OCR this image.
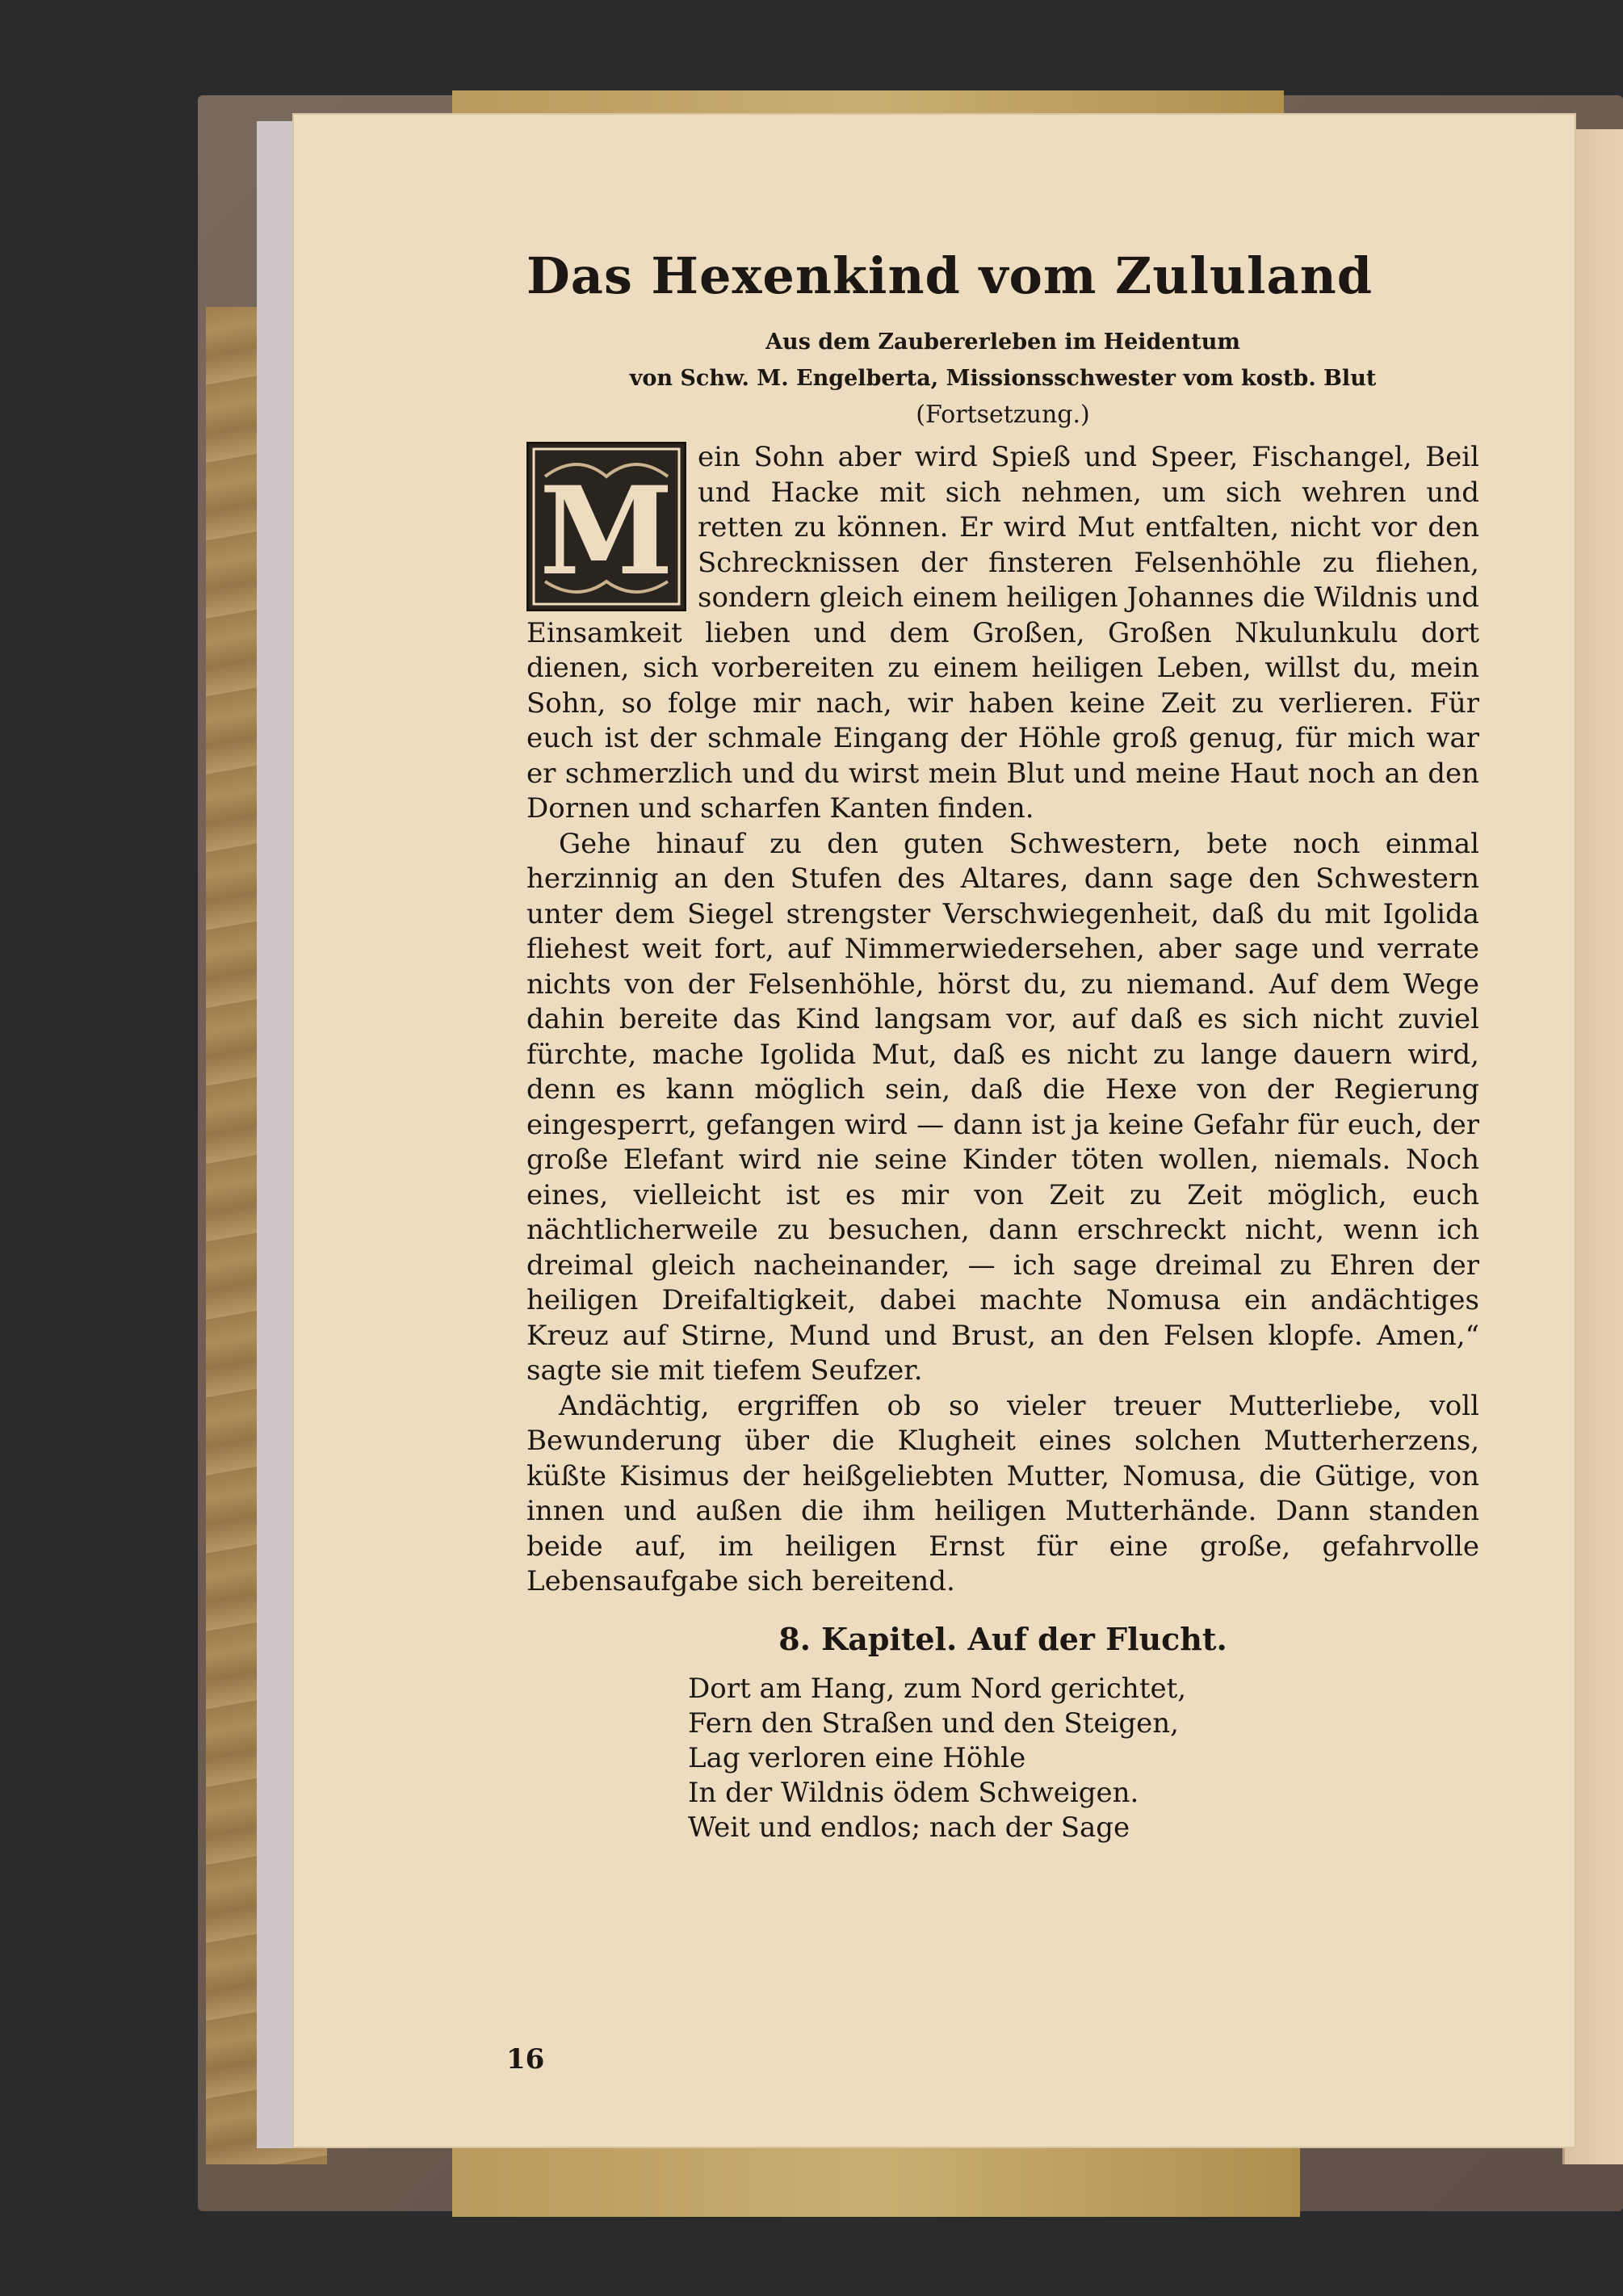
Das Hexenkind vom Zululand

Aus dem Zaubererleben im Heidentum

von Schw. M. Engelberta, Missionsschwester vom kostb. Blut

(Fortsetzung.)

M

ein Sohn aber wird Spieß und Speer, Fischangel, Beil und Hacke mit sich nehmen, um sich wehren und retten zu können. Er wird Mut entfalten, nicht vor den Schrecknissen der finsteren Felsenhöhle zu fliehen, sondern gleich einem heiligen Johannes die Wildnis und Einsamkeit lieben und dem Großen, Großen Nkulunkulu dort dienen, sich vorbereiten zu einem heiligen Leben, willst du, mein Sohn, so folge mir nach, wir haben keine Zeit zu verlieren. Für euch ist der schmale Eingang der Höhle groß genug, für mich war er schmerzlich und du wirst mein Blut und meine Haut noch an den Dornen und scharfen Kanten finden.

Gehe hinauf zu den guten Schwestern, bete noch einmal herzinnig an den Stufen des Altares, dann sage den Schwestern unter dem Siegel strengster Verschwiegenheit, daß du mit Igolida fliehest weit fort, auf Nimmerwiedersehen, aber sage und verrate nichts von der Felsenhöhle, hörst du, zu niemand. Auf dem Wege dahin bereite das Kind langsam vor, auf daß es sich nicht zuviel fürchte, mache Igolida Mut, daß es nicht zu lange dauern wird, denn es kann möglich sein, daß die Hexe von der Regierung eingesperrt, gefangen wird — dann ist ja keine Gefahr für euch, der große Elefant wird nie seine Kinder töten wollen, niemals. Noch eines, vielleicht ist es mir von Zeit zu Zeit möglich, euch nächtlicherweile zu besuchen, dann erschreckt nicht, wenn ich dreimal gleich nacheinander, — ich sage dreimal zu Ehren der heiligen Dreifaltigkeit, dabei machte Nomusa ein andächtiges Kreuz auf Stirne, Mund und Brust, an den Felsen klopfe. Amen,“ sagte sie mit tiefem Seufzer.

Andächtig, ergriffen ob so vieler treuer Mutterliebe, voll Bewunderung über die Klugheit eines solchen Mutterherzens, küßte Kisimus der heißgeliebten Mutter, Nomusa, die Gütige, von innen und außen die ihm heiligen Mutterhände. Dann standen beide auf, im heiligen Ernst für eine große, gefahrvolle Lebensaufgabe sich bereitend.

8. Kapitel. Auf der Flucht.

Dort am Hang, zum Nord gerichtet,
Fern den Straßen und den Steigen,
Lag verloren eine Höhle
In der Wildnis ödem Schweigen.
Weit und endlos; nach der Sage
16
